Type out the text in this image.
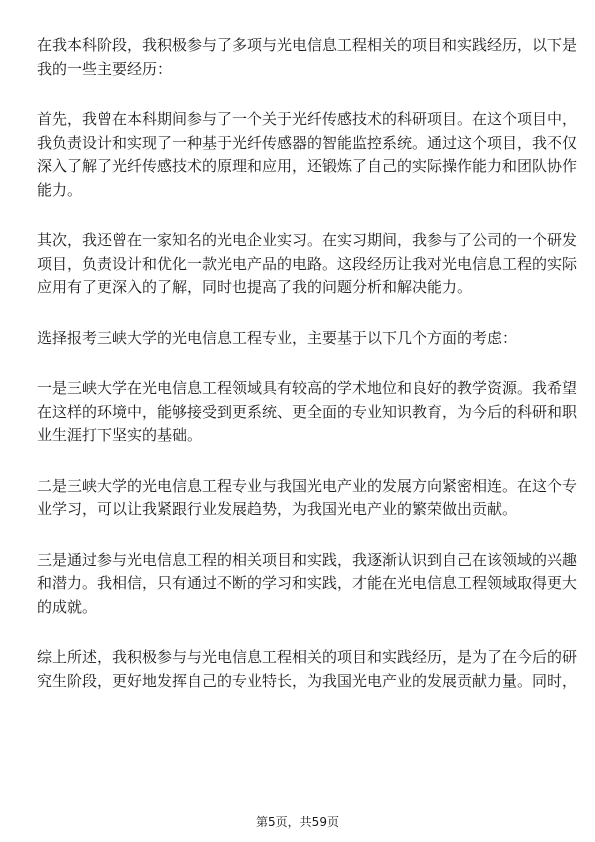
在我本科阶段，我积极参与了多项与光电信息工程相关的项目和实践经历，以下是
我的一些主要经历：

首先，我曾在本科期间参与了一个关于光纤传感技术的科研项目。在这个项目中，
我负责设计和实现了一种基于光纤传感器的智能监控系统。通过这个项目，我不仅
深入了解了光纤传感技术的原理和应用，还锻炼了自己的实际操作能力和团队协作
能力。

其次，我还曾在一家知名的光电企业实习。在实习期间，我参与了公司的一个研发
项目，负责设计和优化一款光电产品的电路。这段经历让我对光电信息工程的实际
应用有了更深入的了解，同时也提高了我的问题分析和解决能力。

选择报考三峡大学的光电信息工程专业，主要基于以下几个方面的考虑：

一是三峡大学在光电信息工程领域具有较高的学术地位和良好的教学资源。我希望
在这样的环境中，能够接受到更系统、更全面的专业知识教育，为今后的科研和职
业生涯打下坚实的基础。

二是三峡大学的光电信息工程专业与我国光电产业的发展方向紧密相连。在这个专
业学习，可以让我紧跟行业发展趋势，为我国光电产业的繁荣做出贡献。

三是通过参与光电信息工程的相关项目和实践，我逐渐认识到自己在该领域的兴趣
和潜力。我相信，只有通过不断的学习和实践，才能在光电信息工程领域取得更大
的成就。

综上所述，我积极参与与光电信息工程相关的项目和实践经历，是为了在今后的研
究生阶段，更好地发挥自己的专业特长，为我国光电产业的发展贡献力量。同时，

第5页，共59页
